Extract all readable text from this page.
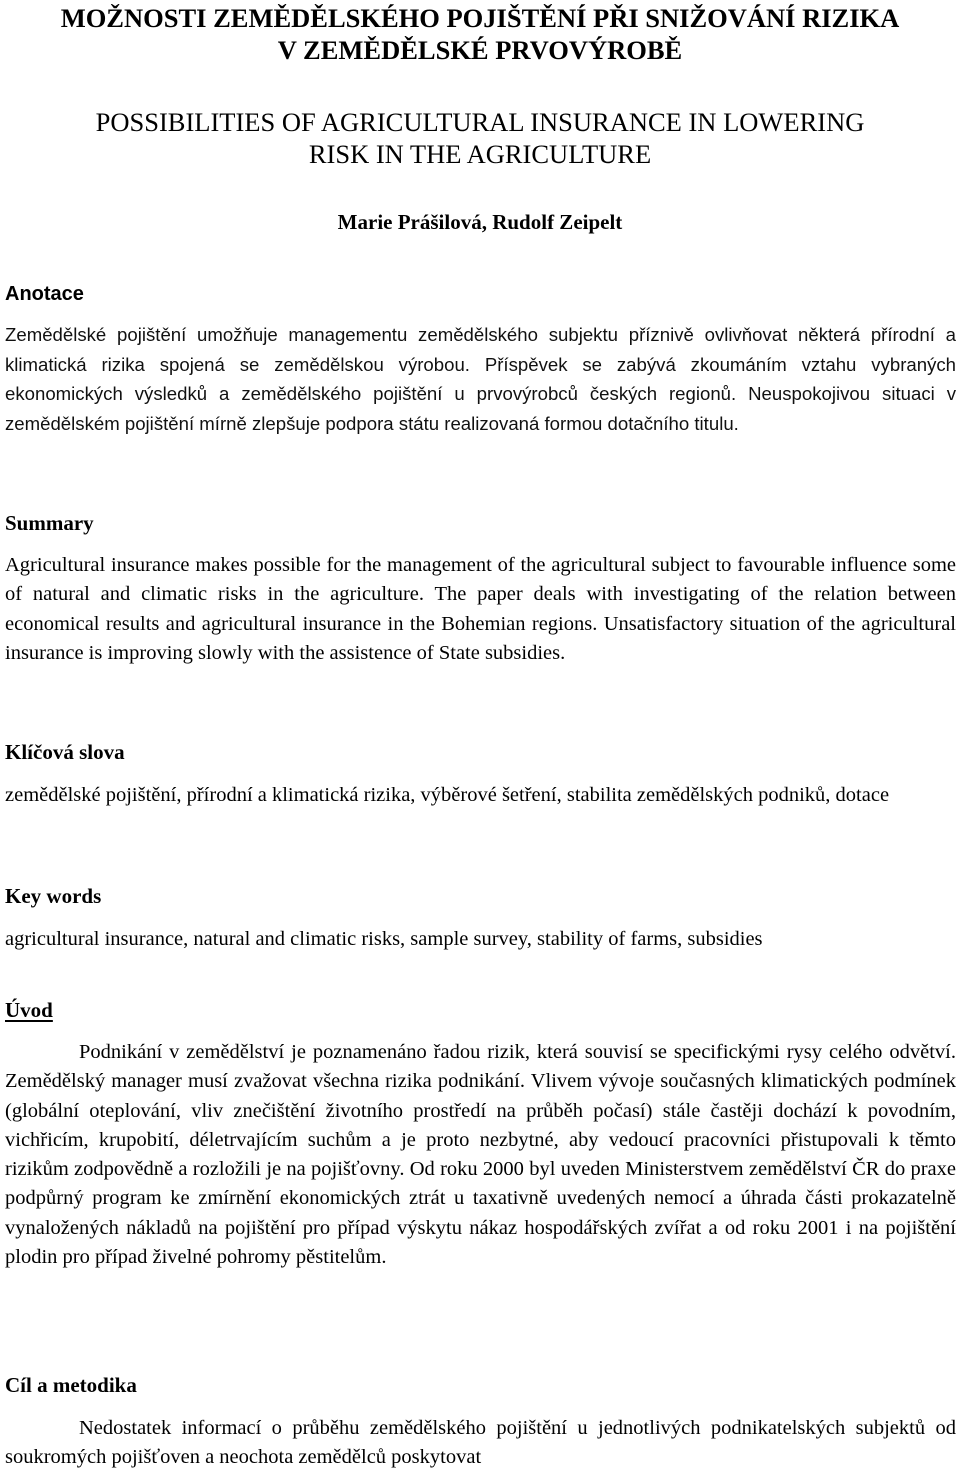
MOŽNOSTI ZEMĚDĚLSKÉHO POJIŠTĚNÍ PŘI SNIŽOVÁNÍ RIZIKA
V ZEMĚDĚLSKÉ PRVOVÝROBĚ
POSSIBILITIES OF AGRICULTURAL INSURANCE IN LOWERING
RISK IN THE AGRICULTURE

Marie Prášilová, Rudolf Zeipelt

Anotace

Zemědělské pojištění umožňuje managementu zemědělského subjektu příznivě ovlivňovat některá přírodní a klimatická rizika spojená se zemědělskou výrobou. Příspěvek se zabývá zkoumáním vztahu vybraných ekonomických výsledků a zemědělského pojištění u prvovýrobců českých regionů. Neuspokojivou situaci v zemědělském pojištění mírně zlepšuje podpora státu realizovaná formou dotačního titulu.

Summary

Agricultural insurance makes possible for the management of the agricultural subject to favourable influence some of natural and climatic risks in the agriculture. The paper deals with investigating of the relation between economical results and agricultural insurance in the Bohemian regions. Unsatisfactory situation of the agricultural insurance is improving slowly with the assistence of State subsidies.

Klíčová slova

zemědělské pojištění, přírodní a klimatická rizika, výběrové šetření, stabilita zemědělských podniků, dotace

Key words

agricultural insurance, natural and climatic risks, sample survey, stability of farms, subsidies

Úvod

Podnikání v zemědělství je poznamenáno řadou rizik, která souvisí se specifickými rysy celého odvětví. Zemědělský manager musí zvažovat všechna rizika podnikání. Vlivem vývoje současných klimatických podmínek (globální oteplování, vliv znečištění životního prostředí na průběh počasí) stále častěji dochází k povodním, vichřicím, krupobití, déletrvajícím suchům a je proto nezbytné, aby vedoucí pracovníci přistupovali k těmto rizikům zodpovědně a rozložili je na pojišťovny. Od roku 2000 byl uveden Ministerstvem zemědělství ČR do praxe podpůrný program ke zmírnění ekonomických ztrát u taxativně uvedených nemocí a úhrada části prokazatelně vynaložených nákladů na pojištění pro případ výskytu nákaz hospodářských zvířat a od roku 2001 i na pojištění plodin pro případ živelné pohromy pěstitelům.

Cíl a metodika

Nedostatek informací o průběhu zemědělského pojištění u jednotlivých podnikatelských subjektů od soukromých pojišťoven a neochota zemědělců poskytovat
